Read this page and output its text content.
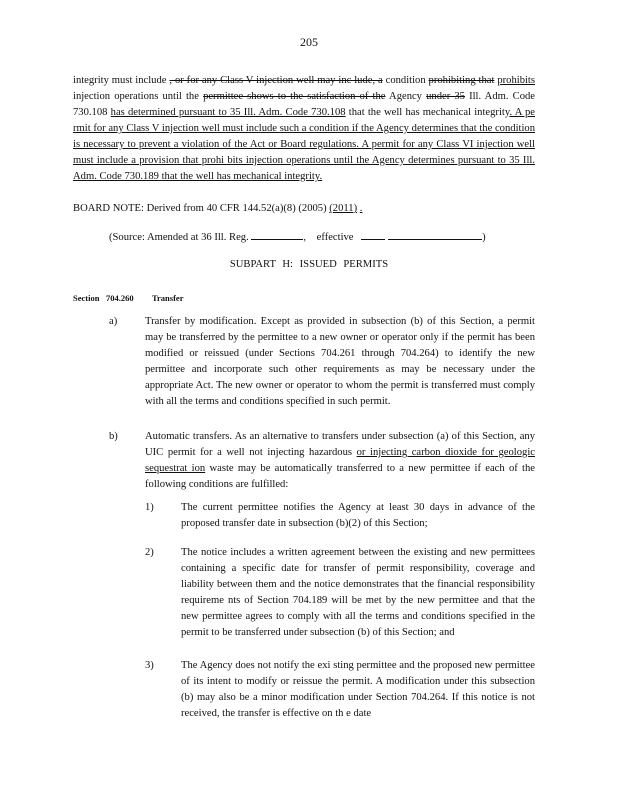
205
integrity must include , or for any Class V injection well may inc lude, a condition prohibiting that prohibits injection operations until the permittee shows to the satisfaction of the Agency under 35 Ill. Adm. Code 730.108 has determined pursuant to 35 Ill. Adm. Code 730.108 that the well has mechanical integrity. A pe rmit for any Class V injection well must include such a condition if the Agency determines that the condition is necessary to prevent a violation of the Act or Board regulations. A permit for any Class VI injection well must include a provision that prohi bits injection operations until the Agency determines pursuant to 35 Ill. Adm. Code 730.189 that the well has mechanical integrity.
BOARD NOTE: Derived from 40 CFR 144.52(a)(8) (2005) (2011) .
(Source: Amended at 36 Ill. Reg.	, effective	)
SUBPART H: ISSUED PERMITS
Section 704.260 Transfer
a)	Transfer by modification. Except as provided in subsection (b) of this Section, a permit may be transferred by the permittee to a new owner or operator only if the permit has been modified or reissued (under Sections 704.261 through 704.264) to identify the new permittee and incorporate such other requirements as may be necessary under the appropriate Act. The new owner or operator to whom the permit is transferred must comply with all the terms and conditions specified in such permit.
b)	Automatic transfers. As an alternative to transfers under subsection (a) of this Section, any UIC permit for a well not injecting hazardous or injecting carbon dioxide for geologic sequestrat ion waste may be automatically transferred to a new permittee if each of the following conditions are fulfilled:
1)	The current permittee notifies the Agency at least 30 days in advance of the proposed transfer date in subsection (b)(2) of this Section;
2)	The notice includes a written agreement between the existing and new permittees containing a specific date for transfer of permit responsibility, coverage and liability between them and the notice demonstrates that the financial responsibility requireme nts of Section 704.189 will be met by the new permittee and that the new permittee agrees to comply with all the terms and conditions specified in the permit to be transferred under subsection (b) of this Section; and
3)	The Agency does not notify the exi sting permittee and the proposed new permittee of its intent to modify or reissue the permit. A modification under this subsection (b) may also be a minor modification under Section 704.264. If this notice is not received, the transfer is effective on th e date
